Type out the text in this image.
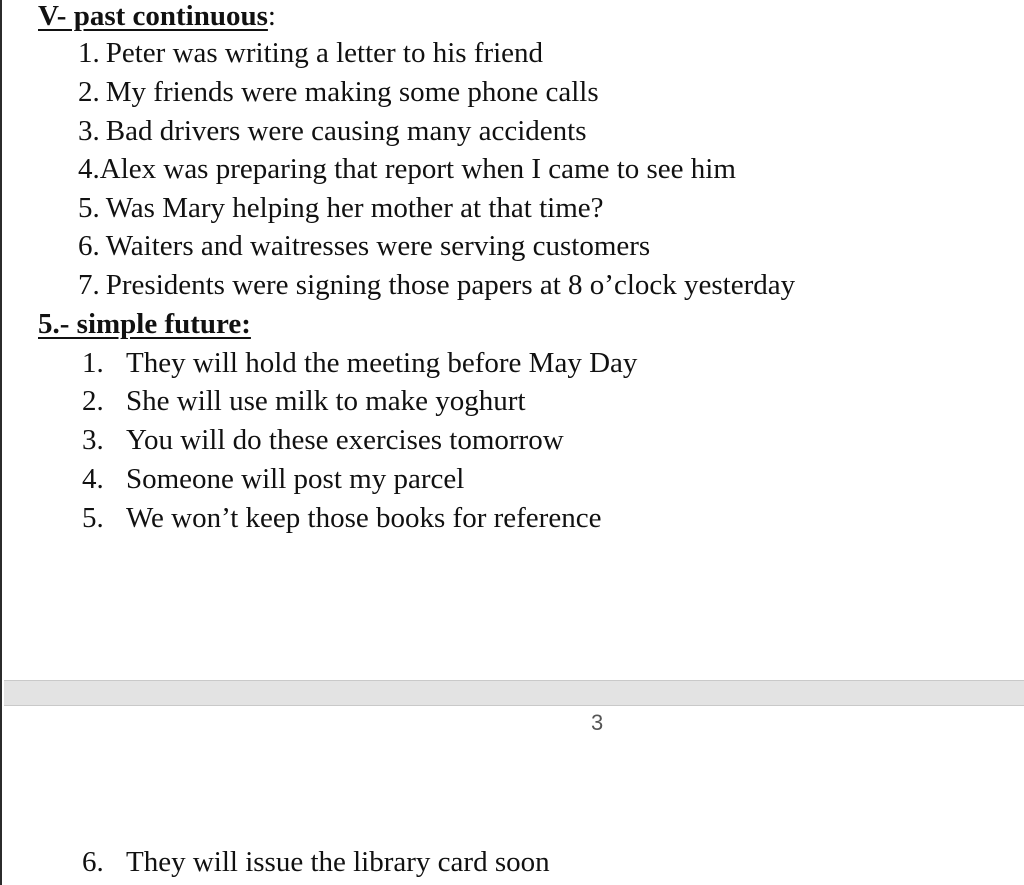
V- past continuous:
1. Peter was writing a letter to his friend
2. My friends were making some phone calls
3. Bad drivers were causing many accidents
4.Alex was preparing that report when I came to see him
5. Was Mary helping her mother at that time?
6. Waiters and waitresses were serving customers
7. Presidents were signing those papers at 8 o’clock yesterday
5.- simple future:
1. They will hold the meeting before May Day
2. She will use milk to make yoghurt
3. You will do these exercises tomorrow
4. Someone will post my parcel
5. We won’t keep those books for reference
6. They will issue the library card soon
3
